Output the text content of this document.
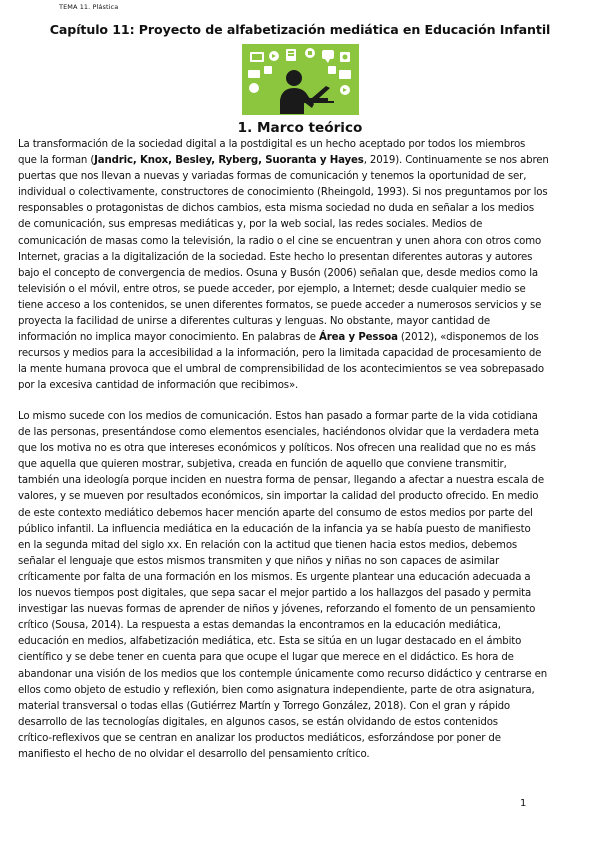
TEMA 11. Plástica
Capítulo 11: Proyecto de alfabetización mediática en Educación Infantil
1. Marco teórico
La transformación de la sociedad digital a la postdigital es un hecho aceptado por todos los miembros
que la forman (Jandric, Knox, Besley, Ryberg, Suoranta y Hayes, 2019). Continuamente se nos abren
puertas que nos llevan a nuevas y variadas formas de comunicación y tenemos la oportunidad de ser,
individual o colectivamente, constructores de conocimiento (Rheingold, 1993). Si nos preguntamos por los
responsables o protagonistas de dichos cambios, esta misma sociedad no duda en señalar a los medios
de comunicación, sus empresas mediáticas y, por la web social, las redes sociales. Medios de
comunicación de masas como la televisión, la radio o el cine se encuentran y unen ahora con otros como
Internet, gracias a la digitalización de la sociedad. Este hecho lo presentan diferentes autoras y autores
bajo el concepto de convergencia de medios. Osuna y Busón (2006) señalan que, desde medios como la
televisión o el móvil, entre otros, se puede acceder, por ejemplo, a Internet; desde cualquier medio se
tiene acceso a los contenidos, se unen diferentes formatos, se puede acceder a numerosos servicios y se
proyecta la facilidad de unirse a diferentes culturas y lenguas. No obstante, mayor cantidad de
información no implica mayor conocimiento. En palabras de Área y Pessoa (2012), «disponemos de los
recursos y medios para la accesibilidad a la información, pero la limitada capacidad de procesamiento de
la mente humana provoca que el umbral de comprensibilidad de los acontecimientos se vea sobrepasado
por la excesiva cantidad de información que recibimos».
Lo mismo sucede con los medios de comunicación. Estos han pasado a formar parte de la vida cotidiana
de las personas, presentándose como elementos esenciales, haciéndonos olvidar que la verdadera meta
que los motiva no es otra que intereses económicos y políticos. Nos ofrecen una realidad que no es más
que aquella que quieren mostrar, subjetiva, creada en función de aquello que conviene transmitir,
también una ideología porque inciden en nuestra forma de pensar, llegando a afectar a nuestra escala de
valores, y se mueven por resultados económicos, sin importar la calidad del producto ofrecido. En medio
de este contexto mediático debemos hacer mención aparte del consumo de estos medios por parte del
público infantil. La influencia mediática en la educación de la infancia ya se había puesto de manifiesto
en la segunda mitad del siglo xx. En relación con la actitud que tienen hacia estos medios, debemos
señalar el lenguaje que estos mismos transmiten y que niños y niñas no son capaces de asimilar
críticamente por falta de una formación en los mismos. Es urgente plantear una educación adecuada a
los nuevos tiempos post digitales, que sepa sacar el mejor partido a los hallazgos del pasado y permita
investigar las nuevas formas de aprender de niños y jóvenes, reforzando el fomento de un pensamiento
crítico (Sousa, 2014). La respuesta a estas demandas la encontramos en la educación mediática,
educación en medios, alfabetización mediática, etc. Esta se sitúa en un lugar destacado en el ámbito
científico y se debe tener en cuenta para que ocupe el lugar que merece en el didáctico. Es hora de
abandonar una visión de los medios que los contemple únicamente como recurso didáctico y centrarse en
ellos como objeto de estudio y reflexión, bien como asignatura independiente, parte de otra asignatura,
material transversal o todas ellas (Gutiérrez Martín y Torrego González, 2018). Con el gran y rápido
desarrollo de las tecnologías digitales, en algunos casos, se están olvidando de estos contenidos
crítico-reflexivos que se centran en analizar los productos mediáticos, esforzándose por poner de
manifiesto el hecho de no olvidar el desarrollo del pensamiento crítico.
1
